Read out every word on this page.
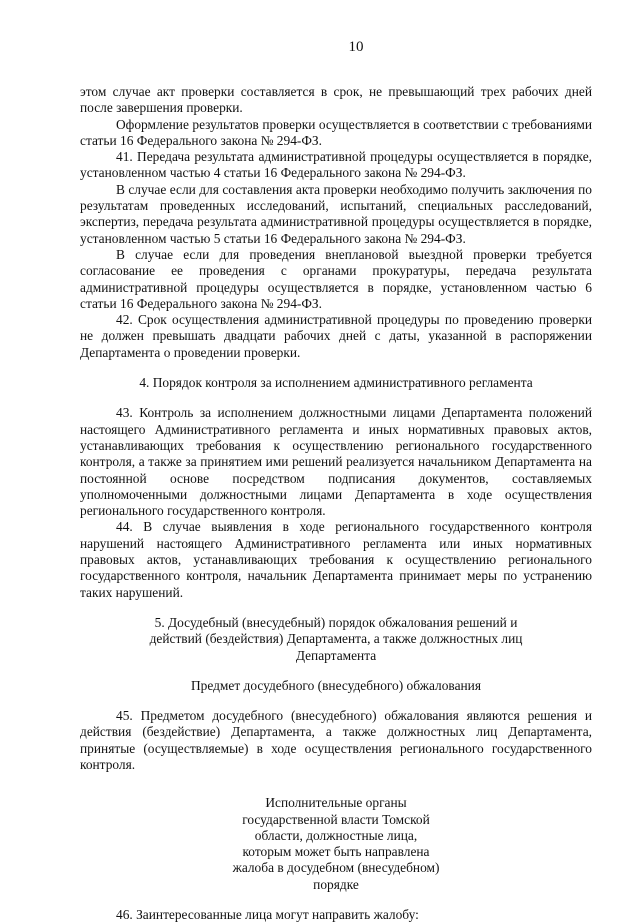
10

этом случае акт проверки составляется в срок, не превышающий трех рабочих дней после завершения проверки.

Оформление результатов проверки осуществляется в соответствии с требованиями статьи 16 Федерального закона № 294-ФЗ.

41. Передача результата административной процедуры осуществляется в порядке, установленном частью 4 статьи 16 Федерального закона № 294-ФЗ.

В случае если для составления акта проверки необходимо получить заключения по результатам проведенных исследований, испытаний, специальных расследований, экспертиз, передача результата административной процедуры осуществляется в порядке, установленном частью 5 статьи 16 Федерального закона № 294-ФЗ.

В случае если для проведения внеплановой выездной проверки требуется согласование ее проведения с органами прокуратуры, передача результата административной процедуры осуществляется в порядке, установленном частью 6 статьи 16 Федерального закона № 294-ФЗ.

42. Срок осуществления административной процедуры по проведению проверки не должен превышать двадцати рабочих дней с даты, указанной в распоряжении Департамента о проведении проверки.

4. Порядок контроля за исполнением административного регламента

43. Контроль за исполнением должностными лицами Департамента положений настоящего Административного регламента и иных нормативных правовых актов, устанавливающих требования к осуществлению регионального государственного контроля, а также за принятием ими решений реализуется начальником Департамента на постоянной основе посредством подписания документов, составляемых уполномоченными должностными лицами Департамента в ходе осуществления регионального государственного контроля.

44. В случае выявления в ходе регионального государственного контроля нарушений настоящего Административного регламента или иных нормативных правовых актов, устанавливающих требования к осуществлению регионального государственного контроля, начальник Департамента принимает меры по устранению таких нарушений.

5. Досудебный (внесудебный) порядок обжалования решений и действий (бездействия) Департамента, а также должностных лиц Департамента

Предмет досудебного (внесудебного) обжалования

45. Предметом досудебного (внесудебного) обжалования являются решения и действия (бездействие) Департамента, а также должностных лиц Департамента, принятые (осуществляемые) в ходе осуществления регионального государственного контроля.

Исполнительные органы государственной власти Томской области, должностные лица, которым может быть направлена жалоба в досудебном (внесудебном) порядке

46. Заинтересованные лица могут направить жалобу:
